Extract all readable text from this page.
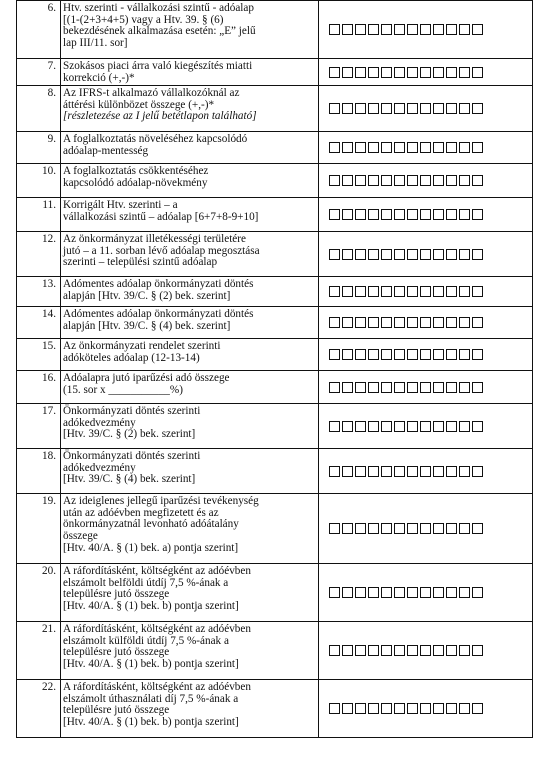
6.	Htv. szerinti - vállalkozási szintű - adóalap
[(1-(2+3+4+5) vagy a Htv. 39. § (6)
bekezdésének alkalmazása esetén: „E” jelű
lap III/11. sor]	

7.	Szokásos piaci árra való kiegészítés miatti
korrekció (+,-)*	

8.	Az IFRS-t alkalmazó vállalkozóknál az
áttérési különbözet összege (+,-)*
[részletezése az I jelű betétlapon található]	

9.	A foglalkoztatás növeléséhez kapcsolódó
adóalap-mentesség	

10.	A foglalkoztatás csökkentéséhez
kapcsolódó adóalap-növekmény	

11.	Korrigált Htv. szerinti – a
vállalkozási szintű – adóalap [6+7+8-9+10]	

12.	Az önkormányzat illetékességi területére
jutó – a 11. sorban lévő adóalap megosztása
szerinti – települési szintű adóalap	

13.	Adómentes adóalap önkormányzati döntés
alapján [Htv. 39/C. § (2) bek. szerint]	

14.	Adómentes adóalap önkormányzati döntés
alapján [Htv. 39/C. § (4) bek. szerint]	

15.	Az önkormányzati rendelet szerinti
adóköteles adóalap (12-13-14)	

16.	Adóalapra jutó iparűzési adó összege
(15. sor x ___________%)	

17.	Önkormányzati döntés szerinti
adókedvezmény
[Htv. 39/C. § (2) bek. szerint]	

18.	Önkormányzati döntés szerinti
adókedvezmény
[Htv. 39/C. § (4) bek. szerint]	

19.	Az ideiglenes jellegű iparűzési tevékenység
után az adóévben megfizetett és az
önkormányzatnál levonható adóátalány
összege
[Htv. 40/A. § (1) bek. a) pontja szerint]	

20.	A ráfordításként, költségként az adóévben
elszámolt belföldi útdíj 7,5 %-ának a
településre jutó összege
[Htv. 40/A. § (1) bek. b) pontja szerint]	

21.	A ráfordításként, költségként az adóévben
elszámolt külföldi útdíj 7,5 %-ának a
településre jutó összege
[Htv. 40/A. § (1) bek. b) pontja szerint]	

22.	A ráfordításként, költségként az adóévben
elszámolt úthasználati díj 7,5 %-ának a
településre jutó összege
[Htv. 40/A. § (1) bek. b) pontja szerint]	
